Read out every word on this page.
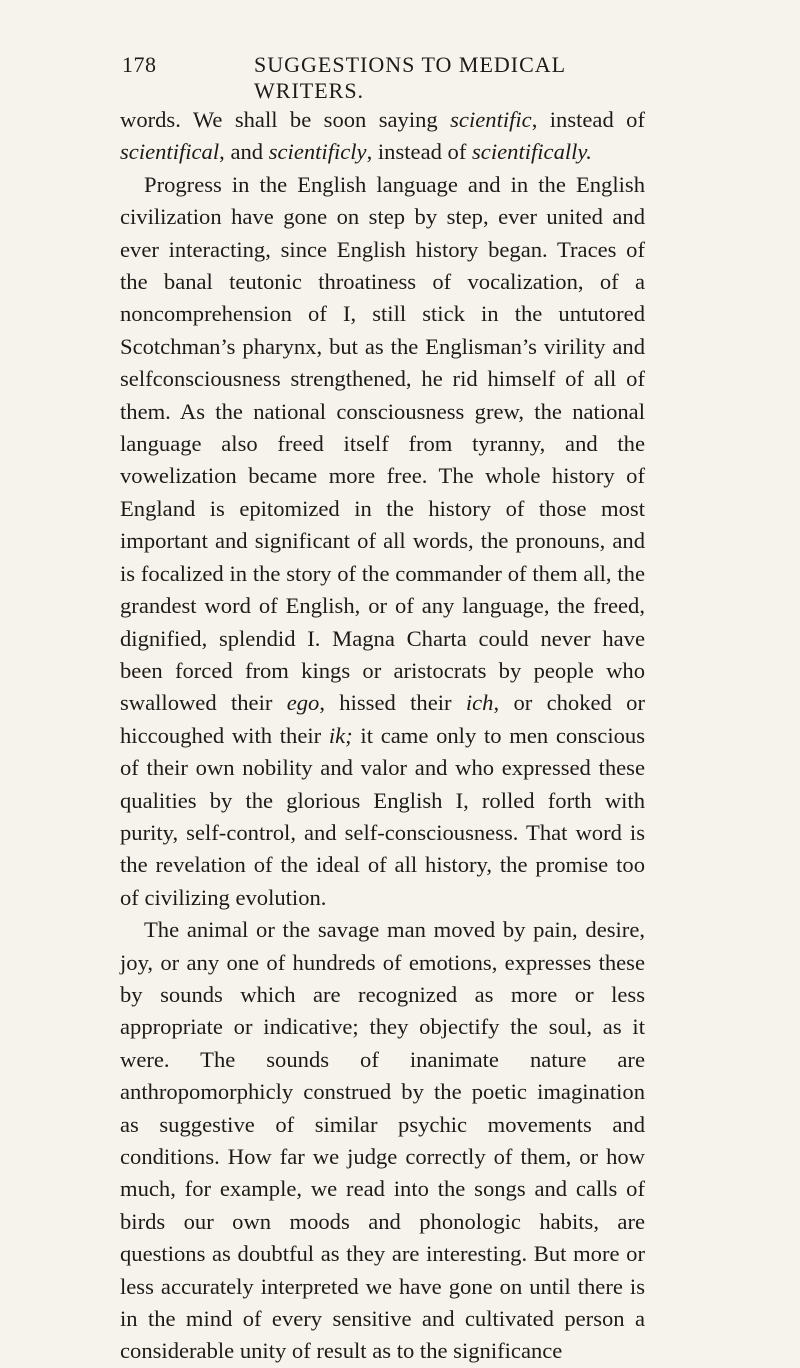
178	SUGGESTIONS TO MEDICAL WRITERS.

words. We shall be soon saying scientific, instead of scientifical, and scientificly, instead of scientifically.

Progress in the English language and in the English civilization have gone on step by step, ever united and ever interacting, since English history began. Traces of the banal teutonic throatiness of vocalization, of a noncomprehension of I, still stick in the untutored Scotchman’s pharynx, but as the Englisman’s virility and selfconsciousness strengthened, he rid himself of all of them. As the national consciousness grew, the national language also freed itself from tyranny, and the vowelization became more free. The whole history of England is epitomized in the history of those most important and significant of all words, the pronouns, and is focalized in the story of the commander of them all, the grandest word of English, or of any language, the freed, dignified, splendid I. Magna Charta could never have been forced from kings or aristocrats by people who swallowed their ego, hissed their ich, or choked or hiccoughed with their ik; it came only to men conscious of their own nobility and valor and who expressed these qualities by the glorious English I, rolled forth with purity, self-control, and self-consciousness. That word is the revelation of the ideal of all history, the promise too of civilizing evolution.

The animal or the savage man moved by pain, desire, joy, or any one of hundreds of emotions, expresses these by sounds which are recognized as more or less appropriate or indicative; they objectify the soul, as it were. The sounds of inanimate nature are anthropomorphicly construed by the poetic imagination as suggestive of similar psychic movements and conditions. How far we judge correctly of them, or how much, for example, we read into the songs and calls of birds our own moods and phonologic habits, are questions as doubtful as they are interesting. But more or less accurately interpreted we have gone on until there is in the mind of every sensitive and cultivated person a considerable unity of result as to the significance
